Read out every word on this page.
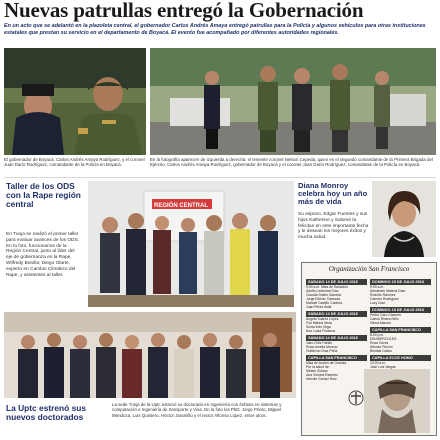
Nuevas patrullas entregó la Gobernación
En un acto que se adelantó en la plazoleta central, el gobernador Carlos Andrés Amaya entregó patrullas para la Policía y algunos vehículos para otras instituciones estatales que prestan su servicio en el departamento de Boyacá. El evento fue acompañado por diferentes autoridades regionales.
El gobernador de Boyacá, Carlos Andrés Amaya Rodríguez, y el coronel Juan Darío Rodríguez, comandante de la Policía en Boyacá.
En la fotografía aparecen de izquierda a derecha: el teniente coronel Nelson Cepeda, quien es el segundo comandante de la Primera Brigada del Ejército, Carlos Andrés Amaya Rodríguez, gobernador de Boyacá y el coronel Juan Darío Rodríguez, comandante de la Policía en Boyacá.
Taller de los ODS con la Rape región central
En Tunja se realizó el primer taller para evaluar avances de los ODS. En la foto, funcionarios de la Región Central, junto al líder del eje de gobernanza en la Rape, Wilfredy Bonilla; Diego Olarte, experto en Cambio Climático del Rape, y asistentes al taller.
REGIÓN CENTRAL
Diana Monroy celebra hoy un año más de vida
Su esposo, Edgar Fuentes y sus hijos Katherine y Salomé la felicitan en este importante fecha y le desean los mejores éxitos y mucha salud.
Organización San Francisco
SÁBADO 14 DE JULIO 2018
9:00 a.m. Misa de Sanación
Adolfo Ledesma Díaz
Claudia Sotelo Salcedo
Jorge Eliécer Cabezas
Manuel Castillo Cadena
Juan Pérez Ávila
SÁBADO 14 DE JULIO 2018
Ángela Suárez López
Flor Marina Mora
Sonia Inés Vega
Ana Luisa Fonseca
SÁBADO 14 DE JULIO 2018
Jairo Ortiz Farfán
Rosa Amelia Moreno
Guillermo Díaz Peña
CAPILLA SAN FRANCISCO
Misa de Acción de Gracias
Por la salud de:
Miriam Solano
Ana Victoria Ramírez
Hernán Gómez Ruiz
DOMINGO 15 DE JULIO 2018
9:00 a.m.
Alexander Mateus Díaz
Rodolfo Ramírez
Carmen Rodríguez
Lucy Díaz
DOMINGO 15 DE JULIO 2018
Pedro Caro Cáceres
Carlos Rivera Niño
Gilma Alarcón
CAPILLA SAN FRANCISCO
8:00 p.m.
DÍA MIÉRCOLES
Rosa Torres
Alfonso Pinzón
Benilda Galvis
CAPILLA ECCE HOMO
10:00 a.m.
Jose Luis Vargas
La Uptc estrenó sus nuevos doctorados
La sede Tunja de la Uptc estrenó su doctorado en Ingeniería con énfasis en sistemas y computación e Ingeniería de transporte y Vías. En la foto los PhD. Jorge Prieto, Miguel Mendoza, Luis Quintero, Héctor Jaramillo y el rector Alfonso López, entre otros.
